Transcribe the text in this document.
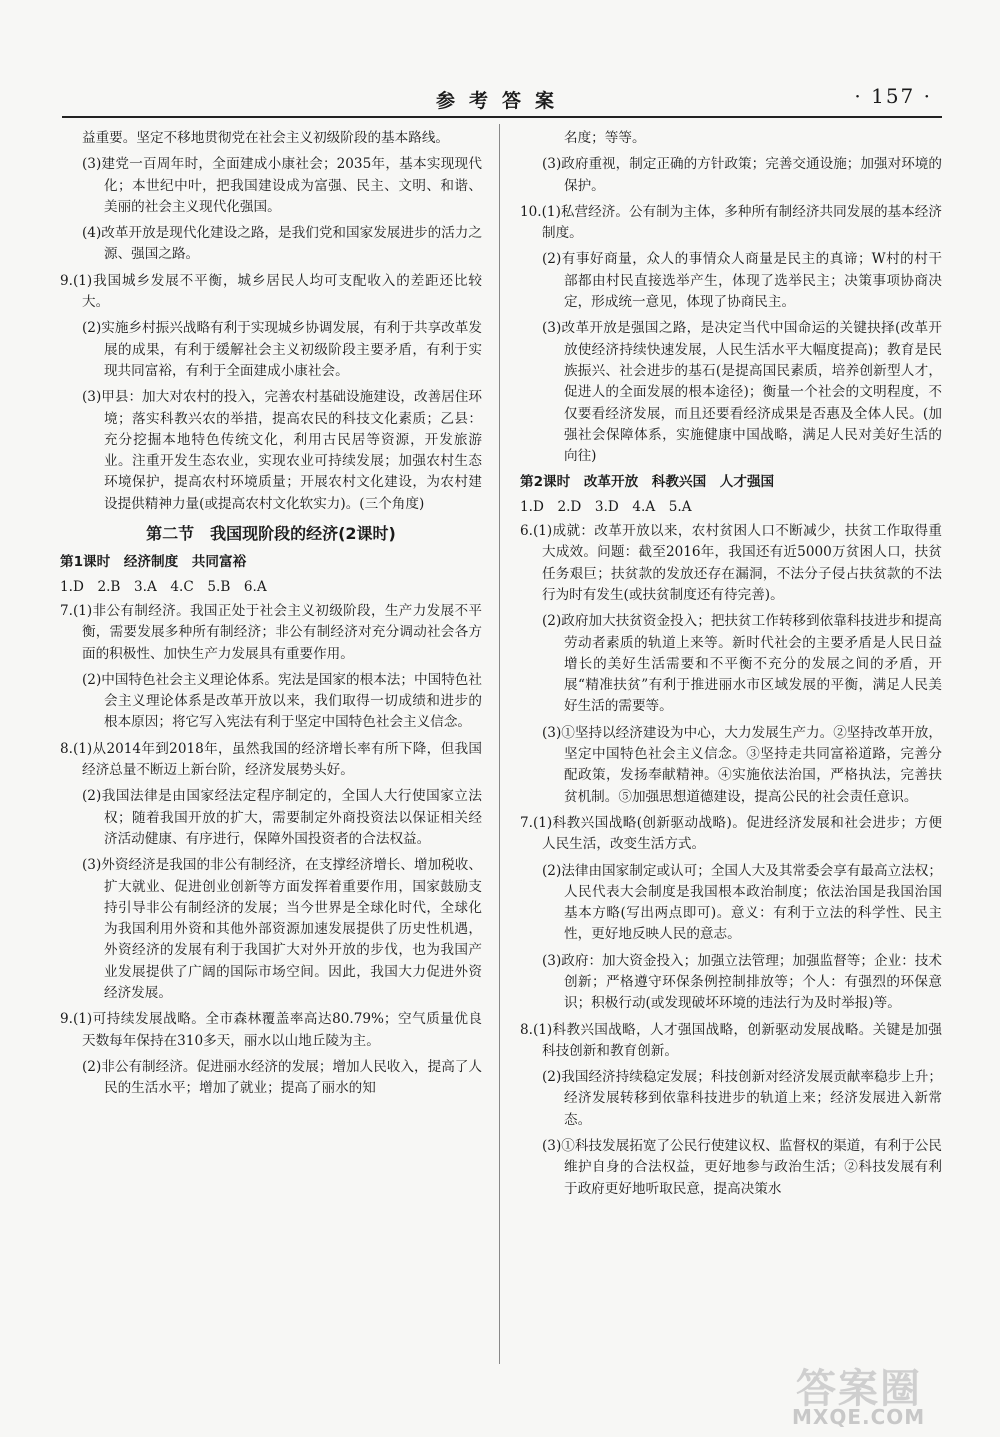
参考答案	· 157 ·

益重要。坚定不移地贯彻党在社会主义初级阶段的基本路线。

(3)建党一百周年时，全面建成小康社会；2035年，基本实现现代化；本世纪中叶，把我国建设成为富强、民主、文明、和谐、美丽的社会主义现代化强国。

(4)改革开放是现代化建设之路，是我们党和国家发展进步的活力之源、强国之路。

9.(1)我国城乡发展不平衡，城乡居民人均可支配收入的差距还比较大。

(2)实施乡村振兴战略有利于实现城乡协调发展，有利于共享改革发展的成果，有利于缓解社会主义初级阶段主要矛盾，有利于实现共同富裕，有利于全面建成小康社会。

(3)甲县：加大对农村的投入，完善农村基础设施建设，改善居住环境；落实科教兴农的举措，提高农民的科技文化素质；乙县：充分挖掘本地特色传统文化，利用古民居等资源，开发旅游业。注重开发生态农业，实现农业可持续发展；加强农村生态环境保护，提高农村环境质量；开展农村文化建设，为农村建设提供精神力量(或提高农村文化软实力)。(三个角度)

第二节　我国现阶段的经济(2课时)
第1课时　经济制度　共同富裕
1.D　2.B　3.A　4.C　5.B　6.A

7.(1)非公有制经济。我国正处于社会主义初级阶段，生产力发展不平衡，需要发展多种所有制经济；非公有制经济对充分调动社会各方面的积极性、加快生产力发展具有重要作用。

(2)中国特色社会主义理论体系。宪法是国家的根本法；中国特色社会主义理论体系是改革开放以来，我们取得一切成绩和进步的根本原因；将它写入宪法有利于坚定中国特色社会主义信念。

8.(1)从2014年到2018年，虽然我国的经济增长率有所下降，但我国经济总量不断迈上新台阶，经济发展势头好。

(2)我国法律是由国家经法定程序制定的，全国人大行使国家立法权；随着我国开放的扩大，需要制定外商投资法以保证相关经济活动健康、有序进行，保障外国投资者的合法权益。

(3)外资经济是我国的非公有制经济，在支撑经济增长、增加税收、扩大就业、促进创业创新等方面发挥着重要作用，国家鼓励支持引导非公有制经济的发展；当今世界是全球化时代，全球化为我国利用外资和其他外部资源加速发展提供了历史性机遇，外资经济的发展有利于我国扩大对外开放的步伐，也为我国产业发展提供了广阔的国际市场空间。因此，我国大力促进外资经济发展。

9.(1)可持续发展战略。全市森林覆盖率高达80.79%；空气质量优良天数每年保持在310多天，丽水以山地丘陵为主。

(2)非公有制经济。促进丽水经济的发展；增加人民收入，提高了人民的生活水平；增加了就业；提高了丽水的知

名度；等等。

(3)政府重视，制定正确的方针政策；完善交通设施；加强对环境的保护。

10.(1)私营经济。公有制为主体，多种所有制经济共同发展的基本经济制度。

(2)有事好商量，众人的事情众人商量是民主的真谛；W村的村干部都由村民直接选举产生，体现了选举民主；决策事项协商决定，形成统一意见，体现了协商民主。

(3)改革开放是强国之路，是决定当代中国命运的关键抉择(改革开放使经济持续快速发展，人民生活水平大幅度提高)；教育是民族振兴、社会进步的基石(是提高国民素质，培养创新型人才，促进人的全面发展的根本途径)；衡量一个社会的文明程度，不仅要看经济发展，而且还要看经济成果是否惠及全体人民。(加强社会保障体系，实施健康中国战略，满足人民对美好生活的向往)

第2课时　改革开放　科教兴国　人才强国
1.D　2.D　3.D　4.A　5.A

6.(1)成就：改革开放以来，农村贫困人口不断减少，扶贫工作取得重大成效。问题：截至2016年，我国还有近5000万贫困人口，扶贫任务艰巨；扶贫款的发放还存在漏洞，不法分子侵占扶贫款的不法行为时有发生(或扶贫制度还有待完善)。

(2)政府加大扶贫资金投入；把扶贫工作转移到依靠科技进步和提高劳动者素质的轨道上来等。新时代社会的主要矛盾是人民日益增长的美好生活需要和不平衡不充分的发展之间的矛盾，开展“精准扶贫”有利于推进丽水市区域发展的平衡，满足人民美好生活的需要等。

(3)①坚持以经济建设为中心，大力发展生产力。②坚持改革开放，坚定中国特色社会主义信念。③坚持走共同富裕道路，完善分配政策，发扬奉献精神。④实施依法治国，严格执法，完善扶贫机制。⑤加强思想道德建设，提高公民的社会责任意识。

7.(1)科教兴国战略(创新驱动战略)。促进经济发展和社会进步；方便人民生活，改变生活方式。

(2)法律由国家制定或认可；全国人大及其常委会享有最高立法权；人民代表大会制度是我国根本政治制度；依法治国是我国治国基本方略(写出两点即可)。意义：有利于立法的科学性、民主性，更好地反映人民的意志。

(3)政府：加大资金投入；加强立法管理；加强监督等；企业：技术创新；严格遵守环保条例控制排放等；个人：有强烈的环保意识；积极行动(或发现破坏环境的违法行为及时举报)等。

8.(1)科教兴国战略，人才强国战略，创新驱动发展战略。关键是加强科技创新和教育创新。

(2)我国经济持续稳定发展；科技创新对经济发展贡献率稳步上升；经济发展转移到依靠科技进步的轨道上来；经济发展进入新常态。

(3)①科技发展拓宽了公民行使建议权、监督权的渠道，有利于公民维护自身的合法权益，更好地参与政治生活；②科技发展有利于政府更好地听取民意，提高决策水

答案圈
MXQE.COM
